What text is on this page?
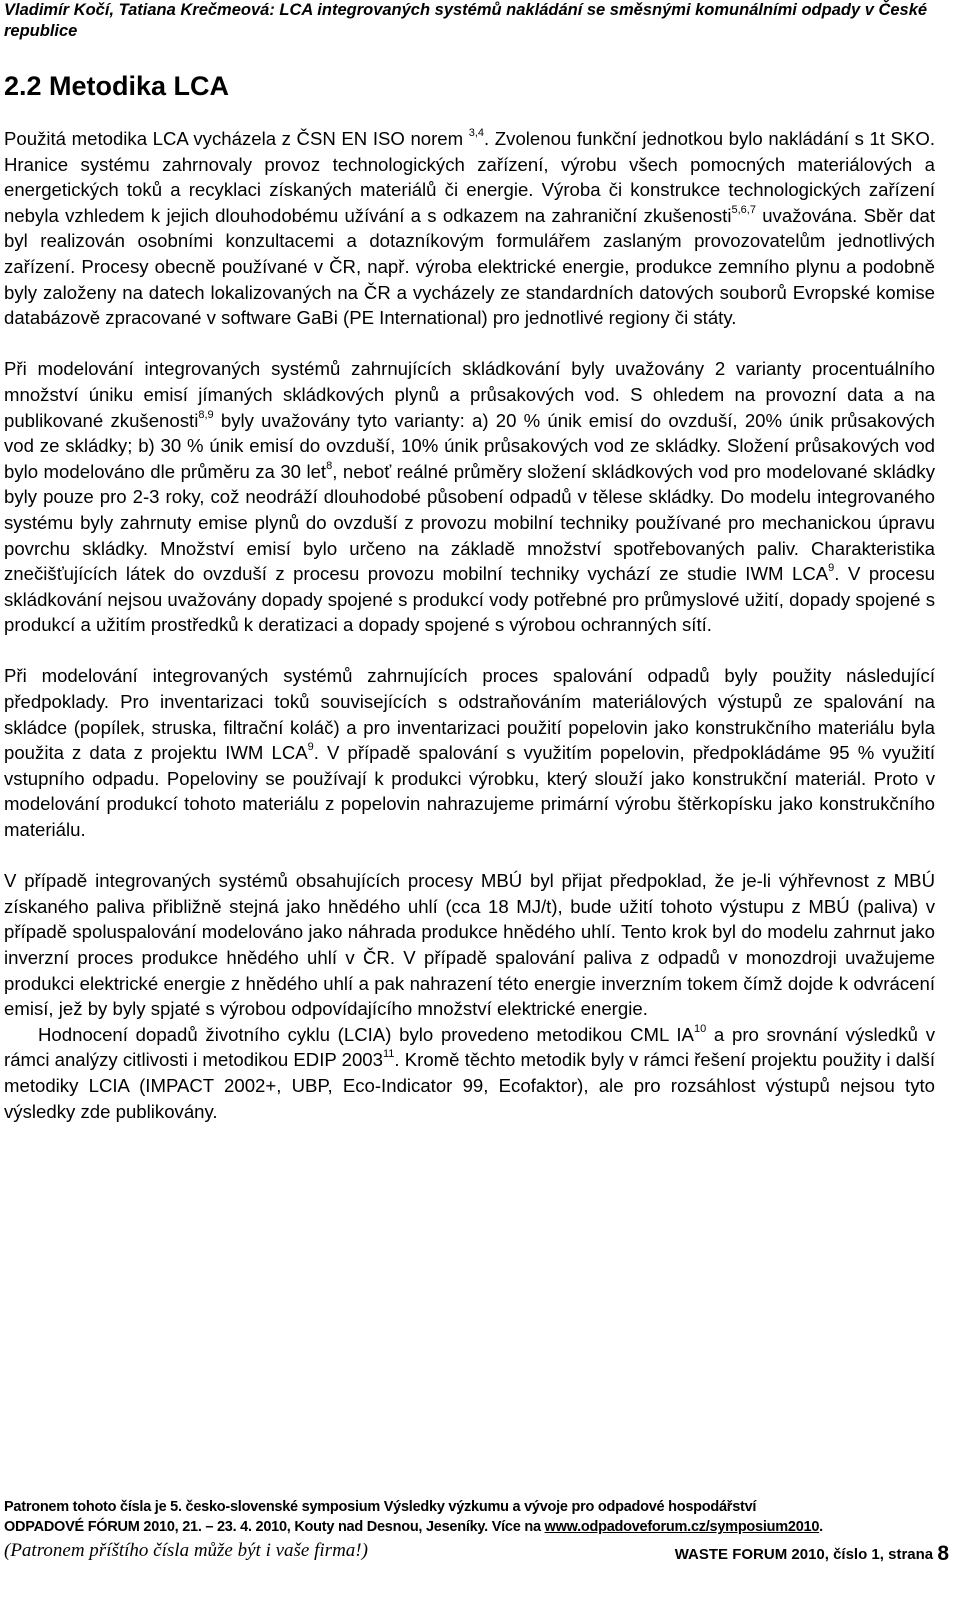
Vladimír Kočí, Tatiana Krečmeová: LCA integrovaných systémů nakládání se směsnými komunálními odpady v České republice
2.2 Metodika LCA

Použitá metodika LCA vycházela z ČSN EN ISO norem $^{3,4}$. Zvolenou funkční jednotkou bylo nakládání s 1t SKO. Hranice systému zahrnovaly provoz technologických zařízení, výrobu všech pomocných materiálových a energetických toků a recyklaci získaných materiálů či energie. Výroba či konstrukce technologických zařízení nebyla vzhledem k jejich dlouhodobému užívání a s odkazem na zahraniční zkušenosti$^{5,6,7}$ uvažována. Sběr dat byl realizován osobními konzultacemi a dotazníkovým formulářem zaslaným provozovatelům jednotlivých zařízení. Procesy obecně používané v ČR, např. výroba elektrické energie, produkce zemního plynu a podobně byly založeny na datech lokalizovaných na ČR a vycházely ze standardních datových souborů Evropské komise databázově zpracované v software GaBi (PE International) pro jednotlivé regiony či státy.

Při modelování integrovaných systémů zahrnujících skládkování byly uvažovány 2 varianty procentuálního množství úniku emisí jímaných skládkových plynů a průsakových vod. S ohledem na provozní data a na publikované zkušenosti$^{8,9}$ byly uvažovány tyto varianty: a) 20 % únik emisí do ovzduší, 20% únik průsakových vod ze skládky; b) 30 % únik emisí do ovzduší, 10% únik průsakových vod ze skládky. Složení průsakových vod bylo modelováno dle průměru za 30 let$^8$, neboť reálné průměry složení skládkových vod pro modelované skládky byly pouze pro 2-3 roky, což neodráží dlouhodobé působení odpadů v tělese skládky. Do modelu integrovaného systému byly zahrnuty emise plynů do ovzduší z provozu mobilní techniky používané pro mechanickou úpravu povrchu skládky. Množství emisí bylo určeno na základě množství spotřebovaných paliv. Charakteristika znečišťujících látek do ovzduší z procesu provozu mobilní techniky vychází ze studie IWM LCA$^9$. V procesu skládkování nejsou uvažovány dopady spojené s produkcí vody potřebné pro průmyslové užití, dopady spojené s produkcí a užitím prostředků k deratizaci a dopady spojené s výrobou ochranných sítí.

Při modelování integrovaných systémů zahrnujících proces spalování odpadů byly použity následující předpoklady. Pro inventarizaci toků souvisejících s odstraňováním materiálových výstupů ze spalování na skládce (popílek, struska, filtrační koláč) a pro inventarizaci použití popelovin jako konstrukčního materiálu byla použita z data z projektu IWM LCA$^9$. V případě spalování s využitím popelovin, předpokládáme 95 % využití vstupního odpadu. Popeloviny se používají k produkci výrobku, který slouží jako konstrukční materiál. Proto v modelování produkcí tohoto materiálu z popelovin nahrazujeme primární výrobu štěrkopísku jako konstrukčního materiálu.

V případě integrovaných systémů obsahujících procesy MBÚ byl přijat předpoklad, že je-li výhřevnost z MBÚ získaného paliva přibližně stejná jako hnědého uhlí (cca 18 MJ/t), bude užití tohoto výstupu z MBÚ (paliva) v případě spoluspalování modelováno jako náhrada produkce hnědého uhlí. Tento krok byl do modelu zahrnut jako inverzní proces produkce hnědého uhlí v ČR. V případě spalování paliva z odpadů v monozdroji uvažujeme produkci elektrické energie z hnědého uhlí a pak nahrazení této energie inverzním tokem čímž dojde k odvrácení emisí, jež by byly spjaté s výrobou odpovídajícího množství elektrické energie.

Hodnocení dopadů životního cyklu (LCIA) bylo provedeno metodikou CML IA$^{10}$ a pro srovnání výsledků v rámci analýzy citlivosti i metodikou EDIP 2003$^{11}$. Kromě těchto metodik byly v rámci řešení projektu použity i další metodiky LCIA (IMPACT 2002+, UBP, Eco-Indicator 99, Ecofaktor), ale pro rozsáhlost výstupů nejsou tyto výsledky zde publikovány.

Patronem tohoto čísla je 5. česko-slovenské symposium Výsledky výzkumu a vývoje pro odpadové hospodářství
ODPADOVÉ FÓRUM 2010, 21. – 23. 4. 2010, Kouty nad Desnou, Jeseníky. Více na www.odpadoveforum.cz/symposium2010.
(Patronem příštího čísla může být i vaše firma!)	WASTE FORUM 2010, číslo 1, strana 8
